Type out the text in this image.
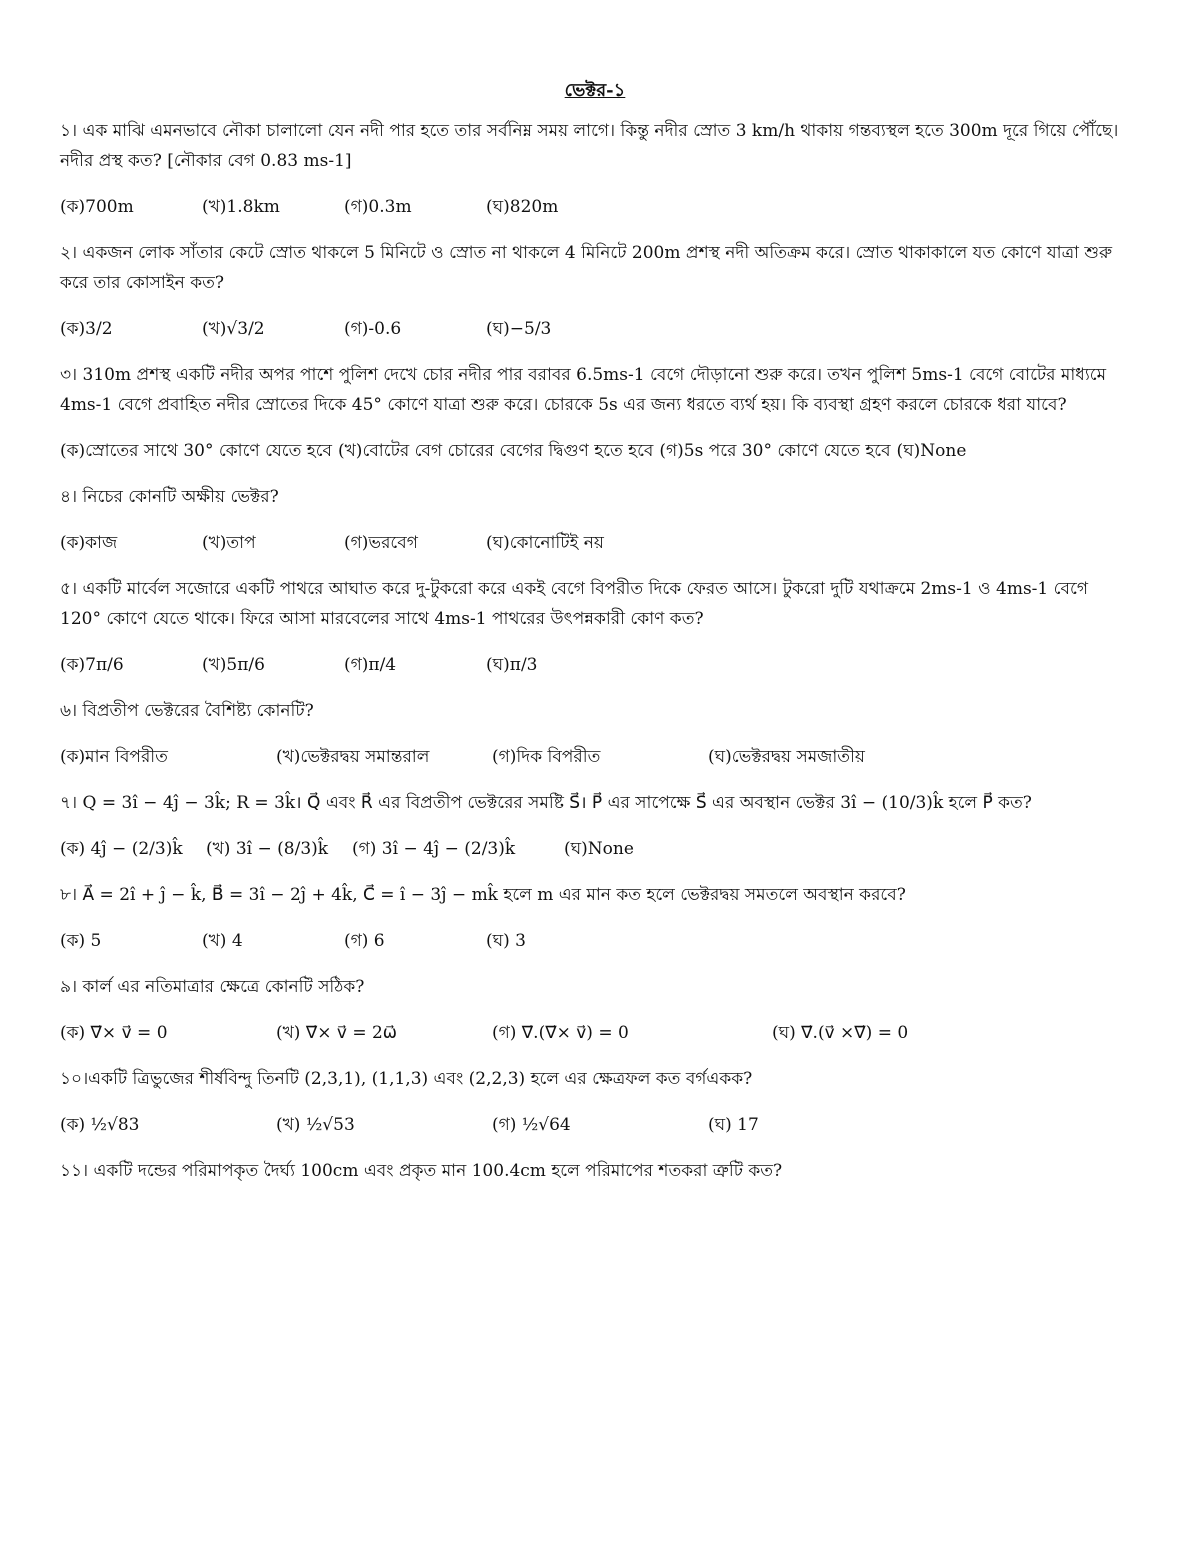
ভেক্টর-১

১। এক মাঝি এমনভাবে নৌকা চালালো যেন নদী পার হতে তার সর্বনিম্ন সময় লাগে। কিন্তু নদীর স্রোত 3 km/h থাকায় গন্তব্যস্থল হতে 300m দূরে গিয়ে পৌঁছে। নদীর প্রস্থ কত? [নৌকার বেগ 0.83 ms-1]

(ক)700m	(খ)1.8km	(গ)0.3m	(ঘ)820m

২। একজন লোক সাঁতার কেটে স্রোত থাকলে 5 মিনিটে ও স্রোত না থাকলে 4 মিনিটে 200m প্রশস্থ নদী অতিক্রম করে। স্রোত থাকাকালে যত কোণে যাত্রা শুরু করে তার কোসাইন কত?

(ক)3/2	(খ)√3/2	(গ)-0.6	(ঘ)−5/3

৩। 310m প্রশস্থ একটি নদীর অপর পাশে পুলিশ দেখে চোর নদীর পার বরাবর 6.5ms-1 বেগে দৌড়ানো শুরু করে। তখন পুলিশ 5ms-1 বেগে বোটের মাধ্যমে 4ms-1 বেগে প্রবাহিত নদীর স্রোতের দিকে 45° কোণে যাত্রা শুরু করে। চোরকে 5s এর জন্য ধরতে ব্যর্থ হয়। কি ব্যবস্থা গ্রহণ করলে চোরকে ধরা যাবে?

(ক)স্রোতের সাথে 30° কোণে যেতে হবে (খ)বোটের বেগ চোরের বেগের দ্বিগুণ হতে হবে (গ)5s পরে 30° কোণে যেতে হবে (ঘ)None

৪। নিচের কোনটি অক্ষীয় ভেক্টর?

(ক)কাজ	(খ)তাপ	(গ)ভরবেগ	(ঘ)কোনোটিই নয়

৫। একটি মার্বেল সজোরে একটি পাথরে আঘাত করে দু-টুকরো করে একই বেগে বিপরীত দিকে ফেরত আসে। টুকরো দুটি যথাক্রমে 2ms-1 ও 4ms-1 বেগে 120° কোণে যেতে থাকে। ফিরে আসা মারবেলের সাথে 4ms-1 পাথরের উৎপন্নকারী কোণ কত?

(ক)7π/6	(খ)5π/6	(গ)π/4	(ঘ)π/3

৬। বিপ্রতীপ ভেক্টরের বৈশিষ্ট্য কোনটি?

(ক)মান বিপরীত	(খ)ভেক্টরদ্বয় সমান্তরাল	(গ)দিক বিপরীত	(ঘ)ভেক্টরদ্বয় সমজাতীয়

৭। Q = 3î − 4ĵ − 3k̂; R = 3k̂। Q⃗ এবং R⃗ এর বিপ্রতীপ ভেক্টরের সমষ্টি S⃗। P⃗ এর সাপেক্ষে S⃗ এর অবস্থান ভেক্টর 3î − (10/3)k̂ হলে P⃗ কত?

(ক) 4ĵ − (2/3)k̂	(খ) 3î − (8/3)k̂	(গ) 3î − 4ĵ − (2/3)k̂	(ঘ)None

৮। A⃗ = 2î + ĵ − k̂, B⃗ = 3î − 2ĵ + 4k̂, C⃗ = î − 3ĵ − mk̂ হলে m এর মান কত হলে ভেক্টরদ্বয় সমতলে অবস্থান করবে?

(ক) 5	(খ) 4	(গ) 6	(ঘ) 3

৯। কার্ল এর নতিমাত্রার ক্ষেত্রে কোনটি সঠিক?

(ক) ∇⃗× v⃗ = 0	(খ) ∇⃗× v⃗ = 2ω⃗	(গ) ∇⃗.(∇⃗× v⃗) = 0	(ঘ) ∇⃗.(v⃗ ×∇⃗) = 0

১০।একটি ত্রিভুজের শীর্ষবিন্দু তিনটি (2,3,1), (1,1,3) এবং (2,2,3) হলে এর ক্ষেত্রফল কত বর্গএকক?

(ক) ½√83	(খ) ½√53	(গ) ½√64	(ঘ) 17

১১। একটি দন্ডের পরিমাপকৃত দৈর্ঘ্য 100cm এবং প্রকৃত মান 100.4cm হলে পরিমাপের শতকরা ত্রুটি কত?
